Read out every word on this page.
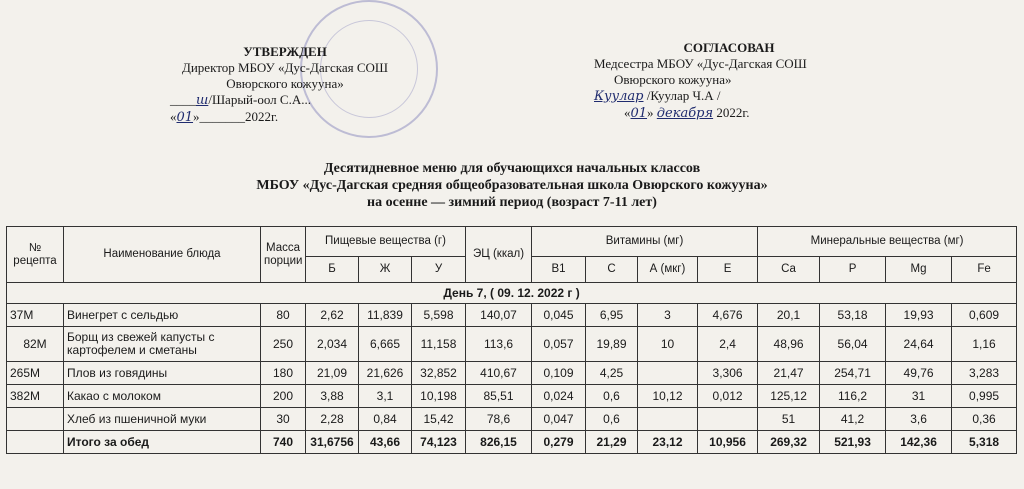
УТВЕРЖДЕН
Директор МБОУ «Дус-Дагская СОШ
Овюрского кожууна»
____ш/Шарый-оол С.А...
«01»_______2022г.
СОГЛАСОВАН
Медсестра МБОУ «Дус-Дагская СОШ
Овюрского кожууна»
Куулар /Куулар Ч.А /
«01» декабря 2022г.
Десятидневное меню для обучающихся начальных классов
МБОУ «Дус-Дагская средняя общеобразовательная школа Овюрского кожууна»
на осенне — зимний период (возраст 7-11 лет)
№ рецепта	Наименование блюда	Масса порции	Пищевые вещества (г)			ЭЦ (ккал)	Витамины (мг)				Минеральные вещества (мг)			
			Б	Ж	У		В1	С	А (мкг)	Е	Са	Р	Mg	Fe
День 7, ( 09. 12. 2022 г )														
37М	Винегрет с сельдью	80	2,62	11,839	5,598	140,07	0,045	6,95	3	4,676	20,1	53,18	19,93	0,609
82М	Борщ из свежей капусты с картофелем и сметаны	250	2,034	6,665	11,158	113,6	0,057	19,89	10	2,4	48,96	56,04	24,64	1,16
265М	Плов из говядины	180	21,09	21,626	32,852	410,67	0,109	4,25		3,306	21,47	254,71	49,76	3,283
382М	Какао с молоком	200	3,88	3,1	10,198	85,51	0,024	0,6	10,12	0,012	125,12	116,2	31	0,995
	Хлеб из пшеничной муки	30	2,28	0,84	15,42	78,6	0,047	0,6			51	41,2	3,6	0,36
	Итого за обед	740	31,6756	43,66	74,123	826,15	0,279	21,29	23,12	10,956	269,32	521,93	142,36	5,318
